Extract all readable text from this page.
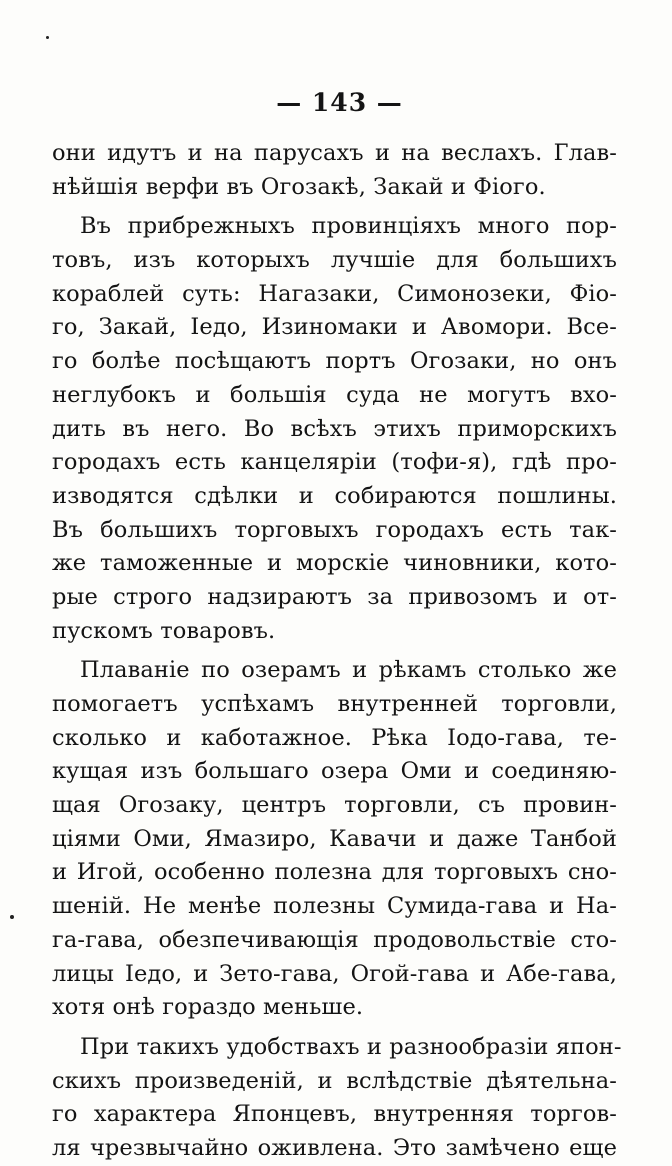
— 143 —
они идутъ и на парусахъ и на веслахъ. Глав-
нѣйшія верфи въ Огозакѣ, Закай и Фіого.
Въ прибрежныхъ провинціяхъ много пор-
товъ, изъ которыхъ лучшіе для большихъ
кораблей суть: Нагазаки, Симонозеки, Фіо-
го, Закай, Іедо, Изиномаки и Авомори. Все-
го болѣе посѣщаютъ портъ Огозаки, но онъ
неглубокъ и большія суда не могутъ вхо-
дить въ него. Во всѣхъ этихъ приморскихъ
городахъ есть канцеляріи (тофи-я), гдѣ про-
изводятся сдѣлки и собираются пошлины.
Въ большихъ торговыхъ городахъ есть так-
же таможенные и морскіе чиновники, кото-
рые строго надзираютъ за привозомъ и от-
пускомъ товаровъ.
Плаваніе по озерамъ и рѣкамъ столько же
помогаетъ успѣхамъ внутренней торговли,
сколько и каботажное. Рѣка Іодо-гава, те-
кущая изъ большаго озера Оми и соединяю-
щая Огозаку, центръ торговли, съ провин-
ціями Оми, Ямазиро, Кавачи и даже Танбой
и Игой, особенно полезна для торговыхъ сно-
шеній. Не менѣе полезны Сумида-гава и На-
га-гава, обезпечивающія продовольствіе сто-
лицы Іедо, и Зето-гава, Огой-гава и Абе-гава,
хотя онѣ гораздо меньше.
При такихъ удобствахъ и разнообразіи япон-
скихъ произведеній, и вслѣдствіе дѣятельна-
го характера Японцевъ, внутренняя торгов-
ля чрезвычайно оживлена. Это замѣчено еще
